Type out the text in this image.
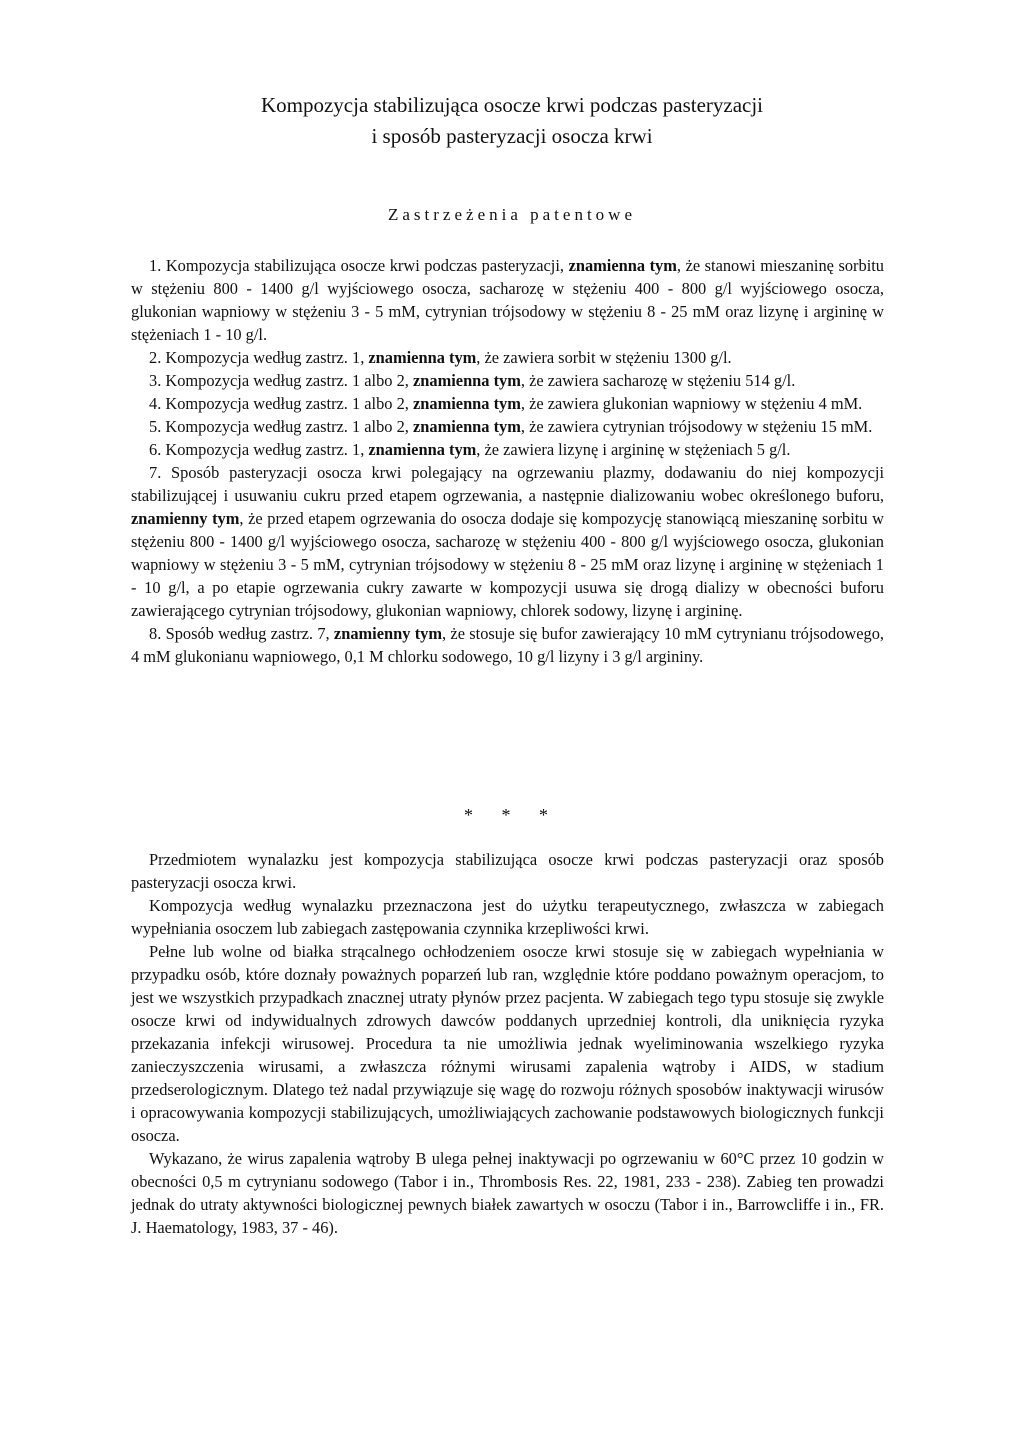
Kompozycja stabilizująca osocze krwi podczas pasteryzacji
i sposób pasteryzacji osocza krwi
Zastrzeżenia patentowe

1. Kompozycja stabilizująca osocze krwi podczas pasteryzacji, znamienna tym, że stanowi mieszaninę sorbitu w stężeniu 800 - 1400 g/l wyjściowego osocza, sacharozę w stężeniu 400 - 800 g/l wyjściowego osocza, glukonian wapniowy w stężeniu 3 - 5 mM, cytrynian trójsodowy w stężeniu 8 - 25 mM oraz lizynę i argininę w stężeniach 1 - 10 g/l.

2. Kompozycja według zastrz. 1, znamienna tym, że zawiera sorbit w stężeniu 1300 g/l.

3. Kompozycja według zastrz. 1 albo 2, znamienna tym, że zawiera sacharozę w stężeniu 514 g/l.

4. Kompozycja według zastrz. 1 albo 2, znamienna tym, że zawiera glukonian wapniowy w stężeniu 4 mM.

5. Kompozycja według zastrz. 1 albo 2, znamienna tym, że zawiera cytrynian trójsodowy w stężeniu 15 mM.

6. Kompozycja według zastrz. 1, znamienna tym, że zawiera lizynę i argininę w stężeniach 5 g/l.

7. Sposób pasteryzacji osocza krwi polegający na ogrzewaniu plazmy, dodawaniu do niej kompozycji stabilizującej i usuwaniu cukru przed etapem ogrzewania, a następnie dializowaniu wobec określonego buforu, znamienny tym, że przed etapem ogrzewania do osocza dodaje się kompozycję stanowiącą mieszaninę sorbitu w stężeniu 800 - 1400 g/l wyjściowego osocza, sacharozę w stężeniu 400 - 800 g/l wyjściowego osocza, glukonian wapniowy w stężeniu 3 - 5 mM, cytrynian trójsodowy w stężeniu 8 - 25 mM oraz lizynę i argininę w stężeniach 1 - 10 g/l, a po etapie ogrzewania cukry zawarte w kompozycji usuwa się drogą dializy w obecności buforu zawierającego cytrynian trójsodowy, glukonian wapniowy, chlorek sodowy, lizynę i argininę.

8. Sposób według zastrz. 7, znamienny tym, że stosuje się bufor zawierający 10 mM cytrynianu trójsodowego, 4 mM glukonianu wapniowego, 0,1 M chlorku sodowego, 10 g/l lizyny i 3 g/l argininy.

* * *

Przedmiotem wynalazku jest kompozycja stabilizująca osocze krwi podczas pasteryzacji oraz sposób pasteryzacji osocza krwi.

Kompozycja według wynalazku przeznaczona jest do użytku terapeutycznego, zwłaszcza w zabiegach wypełniania osoczem lub zabiegach zastępowania czynnika krzepliwości krwi.

Pełne lub wolne od białka strącalnego ochłodzeniem osocze krwi stosuje się w zabiegach wypełniania w przypadku osób, które doznały poważnych poparzeń lub ran, względnie które poddano poważnym operacjom, to jest we wszystkich przypadkach znacznej utraty płynów przez pacjenta. W zabiegach tego typu stosuje się zwykle osocze krwi od indywidualnych zdrowych dawców poddanych uprzedniej kontroli, dla uniknięcia ryzyka przekazania infekcji wirusowej. Procedura ta nie umożliwia jednak wyeliminowania wszelkiego ryzyka zanieczyszczenia wirusami, a zwłaszcza różnymi wirusami zapalenia wątroby i AIDS, w stadium przedserologicznym. Dlatego też nadal przywiązuje się wagę do rozwoju różnych sposobów inaktywacji wirusów i opracowywania kompozycji stabilizujących, umożliwiających zachowanie podstawowych biologicznych funkcji osocza.

Wykazano, że wirus zapalenia wątroby B ulega pełnej inaktywacji po ogrzewaniu w 60°C przez 10 godzin w obecności 0,5 m cytrynianu sodowego (Tabor i in., Thrombosis Res. 22, 1981, 233 - 238). Zabieg ten prowadzi jednak do utraty aktywności biologicznej pewnych białek zawartych w osoczu (Tabor i in., Barrowcliffe i in., FR. J. Haematology, 1983, 37 - 46).
